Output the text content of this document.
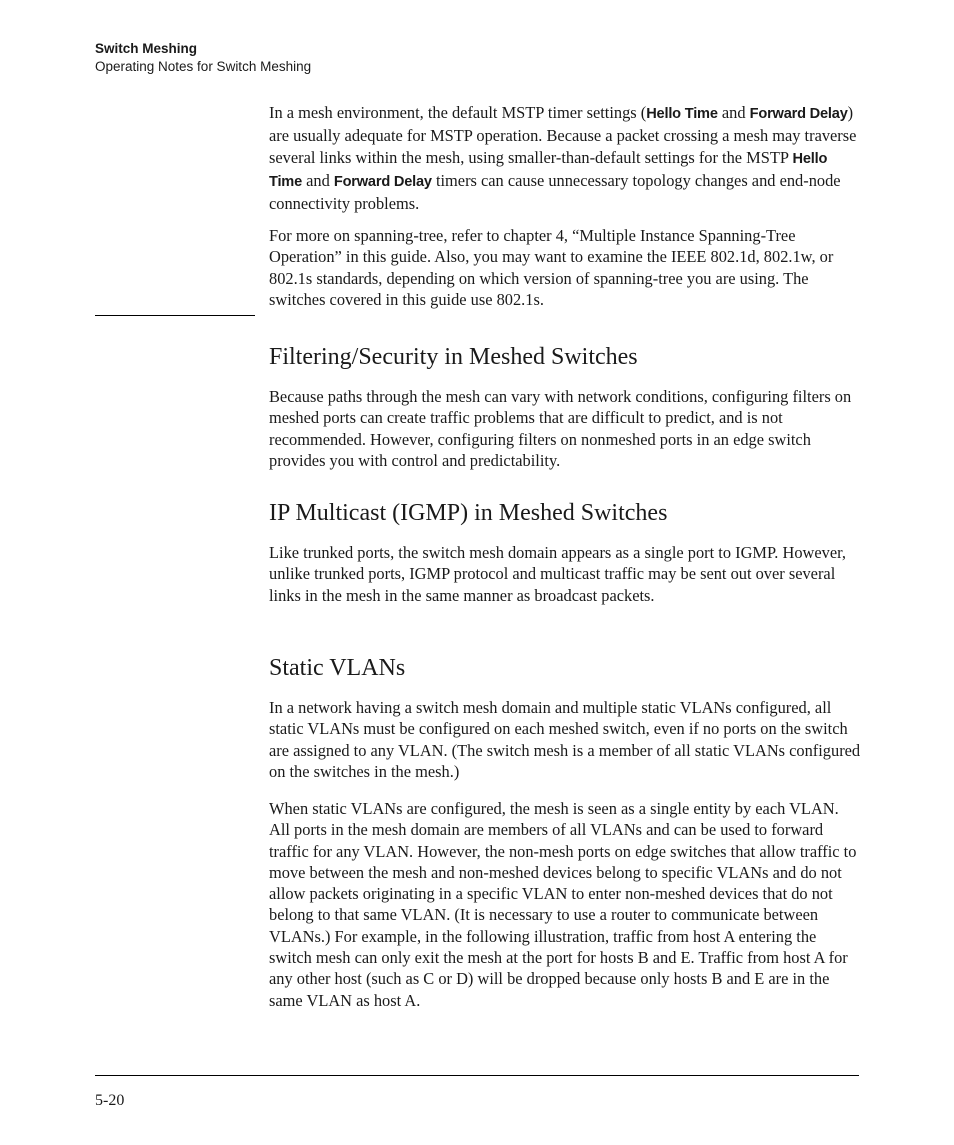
Switch Meshing
Operating Notes for Switch Meshing

In a mesh environment, the default MSTP timer settings (Hello Time and Forward Delay) are usually adequate for MSTP operation. Because a packet crossing a mesh may traverse several links within the mesh, using smaller-than-default settings for the MSTP Hello Time and Forward Delay timers can cause unnecessary topology changes and end-node connectivity problems.

For more on spanning-tree, refer to chapter 4, “Multiple Instance Spanning-Tree Operation” in this guide. Also, you may want to examine the IEEE 802.1d, 802.1w, or 802.1s standards, depending on which version of spanning-tree you are using. The switches covered in this guide use 802.1s.

Filtering/Security in Meshed Switches

Because paths through the mesh can vary with network conditions, configuring filters on meshed ports can create traffic problems that are difficult to predict, and is not recommended. However, configuring filters on nonmeshed ports in an edge switch provides you with control and predictability.

IP Multicast (IGMP) in Meshed Switches

Like trunked ports, the switch mesh domain appears as a single port to IGMP. However, unlike trunked ports, IGMP protocol and multicast traffic may be sent out over several links in the mesh in the same manner as broadcast packets.

Static VLANs

In a network having a switch mesh domain and multiple static VLANs configured, all static VLANs must be configured on each meshed switch, even if no ports on the switch are assigned to any VLAN. (The switch mesh is a member of all static VLANs configured on the switches in the mesh.)

When static VLANs are configured, the mesh is seen as a single entity by each VLAN. All ports in the mesh domain are members of all VLANs and can be used to forward traffic for any VLAN. However, the non-mesh ports on edge switches that allow traffic to move between the mesh and non-meshed devices belong to specific VLANs and do not allow packets originating in a specific VLAN to enter non-meshed devices that do not belong to that same VLAN. (It is necessary to use a router to communicate between VLANs.) For example, in the following illustration, traffic from host A entering the switch mesh can only exit the mesh at the port for hosts B and E. Traffic from host A for any other host (such as C or D) will be dropped because only hosts B and E are in the same VLAN as host A.

5-20
